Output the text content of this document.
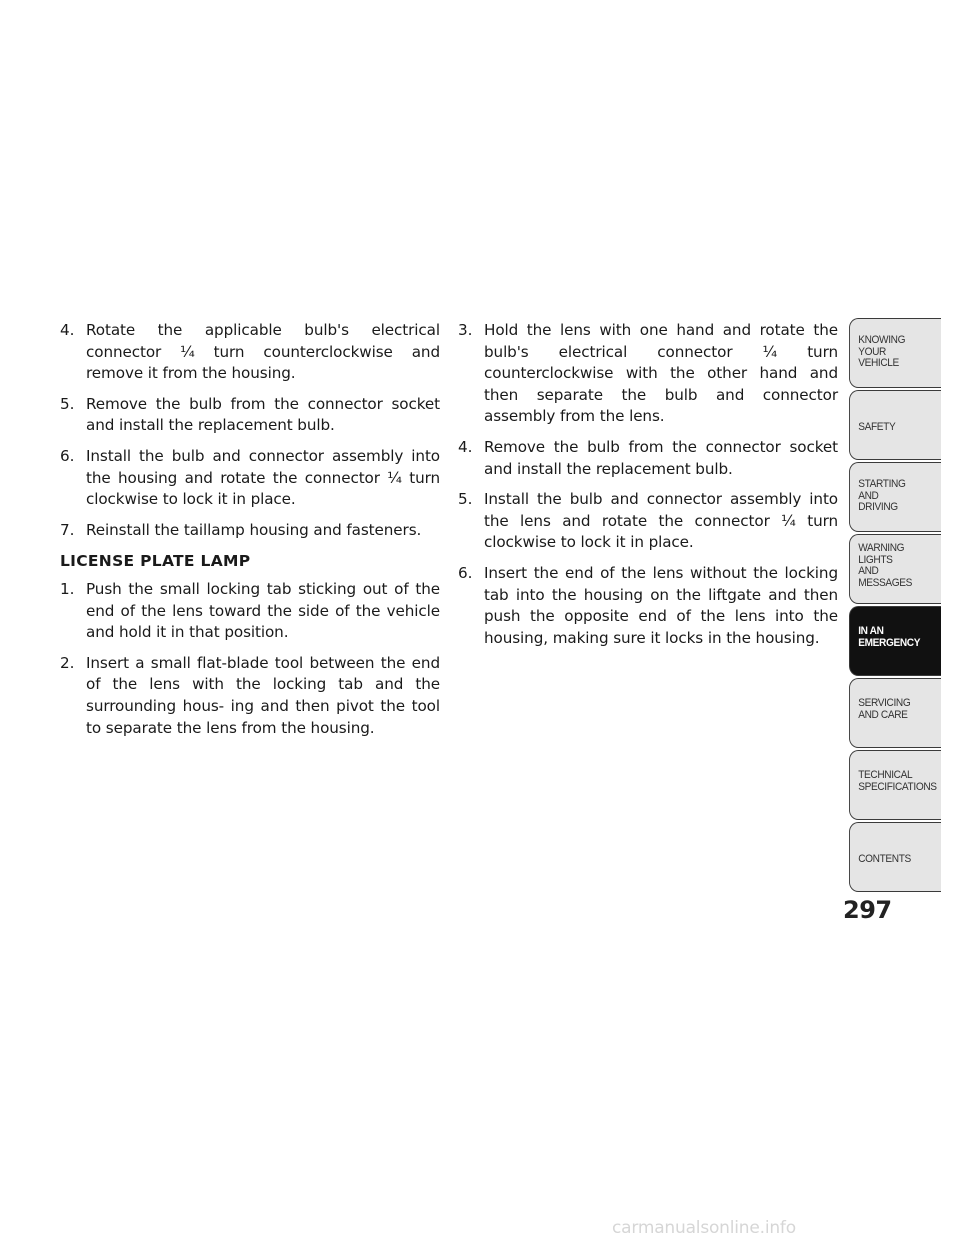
4. Rotate the applicable bulb's electrical connector ¼ turn counterclockwise and remove it from the housing.
5. Remove the bulb from the connector socket and install the replacement bulb.
6. Install the bulb and connector assembly into the housing and rotate the connector ¼ turn clockwise to lock it in place.
7. Reinstall the taillamp housing and fasteners.
LICENSE PLATE LAMP
1. Push the small locking tab sticking out of the end of the lens toward the side of the vehicle and hold it in that position.
2. Insert a small flat-blade tool between the end of the lens with the locking tab and the surrounding hous- ing and then pivot the tool to separate the lens from the housing.
3. Hold the lens with one hand and rotate the bulb's electrical connector ¼ turn counterclockwise with the other hand and then separate the bulb and connector assembly from the lens.
4. Remove the bulb from the connector socket and install the replacement bulb.
5. Install the bulb and connector assembly into the lens and rotate the connector ¼ turn clockwise to lock it in place.
6. Insert the end of the lens without the locking tab into the housing on the liftgate and then push the opposite end of the lens into the housing, making sure it locks in the housing.
KNOWING
YOUR
VEHICLE
SAFETY
STARTING
AND
DRIVING
WARNING
LIGHTS
AND
MESSAGES
IN AN
EMERGENCY
SERVICING
AND CARE
TECHNICAL
SPECIFICATIONS
CONTENTS
297
carmanualsonline.info
